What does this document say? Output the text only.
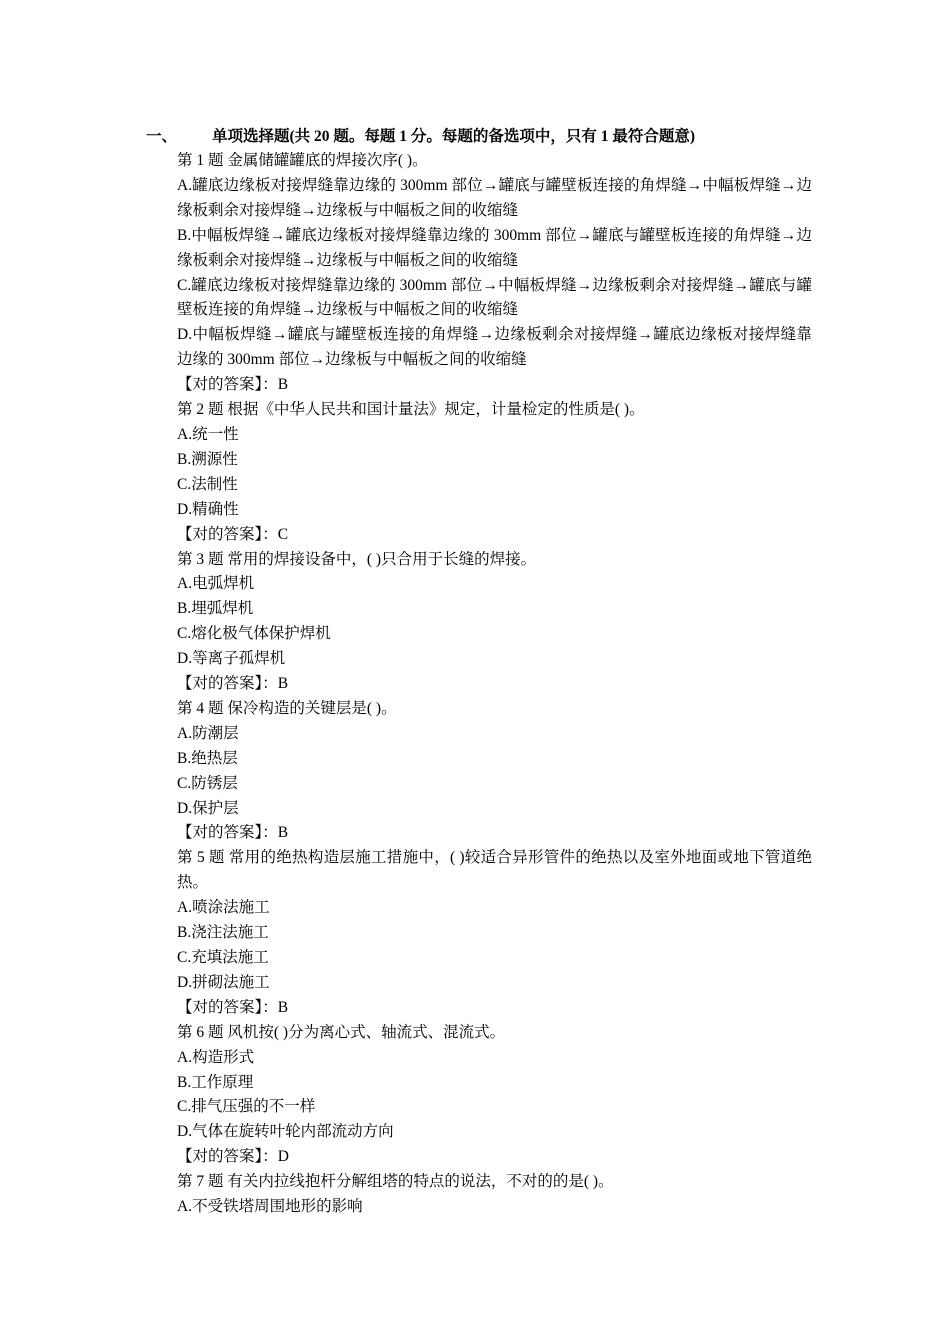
一、 单项选择题(共 20 题。每题 1 分。每题的备选项中，只有 1 最符合题意)
第 1 题 金属储罐罐底的焊接次序( )。
A.罐底边缘板对接焊缝靠边缘的 300mm 部位→罐底与罐壁板连接的角焊缝→中幅板焊缝→边缘板剩余对接焊缝→边缘板与中幅板之间的收缩缝
B.中幅板焊缝→罐底边缘板对接焊缝靠边缘的 300mm 部位→罐底与罐壁板连接的角焊缝→边缘板剩余对接焊缝→边缘板与中幅板之间的收缩缝
C.罐底边缘板对接焊缝靠边缘的 300mm 部位→中幅板焊缝→边缘板剩余对接焊缝→罐底与罐壁板连接的角焊缝→边缘板与中幅板之间的收缩缝
D.中幅板焊缝→罐底与罐壁板连接的角焊缝→边缘板剩余对接焊缝→罐底边缘板对接焊缝靠边缘的 300mm 部位→边缘板与中幅板之间的收缩缝
【对的答案】：B
第 2 题 根据《中华人民共和国计量法》规定，计量检定的性质是( )。
A.统一性
B.溯源性
C.法制性
D.精确性
【对的答案】：C
第 3 题 常用的焊接设备中，( )只合用于长缝的焊接。
A.电弧焊机
B.埋弧焊机
C.熔化极气体保护焊机
D.等离子孤焊机
【对的答案】：B
第 4 题 保冷构造的关键层是( )。
A.防潮层
B.绝热层
C.防锈层
D.保护层
【对的答案】：B
第 5 题 常用的绝热构造层施工措施中，( )较适合异形管件的绝热以及室外地面或地下管道绝热。
A.喷涂法施工
B.浇注法施工
C.充填法施工
D.拼砌法施工
【对的答案】：B
第 6 题 风机按( )分为离心式、轴流式、混流式。
A.构造形式
B.工作原理
C.排气压强的不一样
D.气体在旋转叶轮内部流动方向
【对的答案】：D
第 7 题 有关内拉线抱杆分解组塔的特点的说法，不对的的是( )。
A.不受铁塔周围地形的影响
